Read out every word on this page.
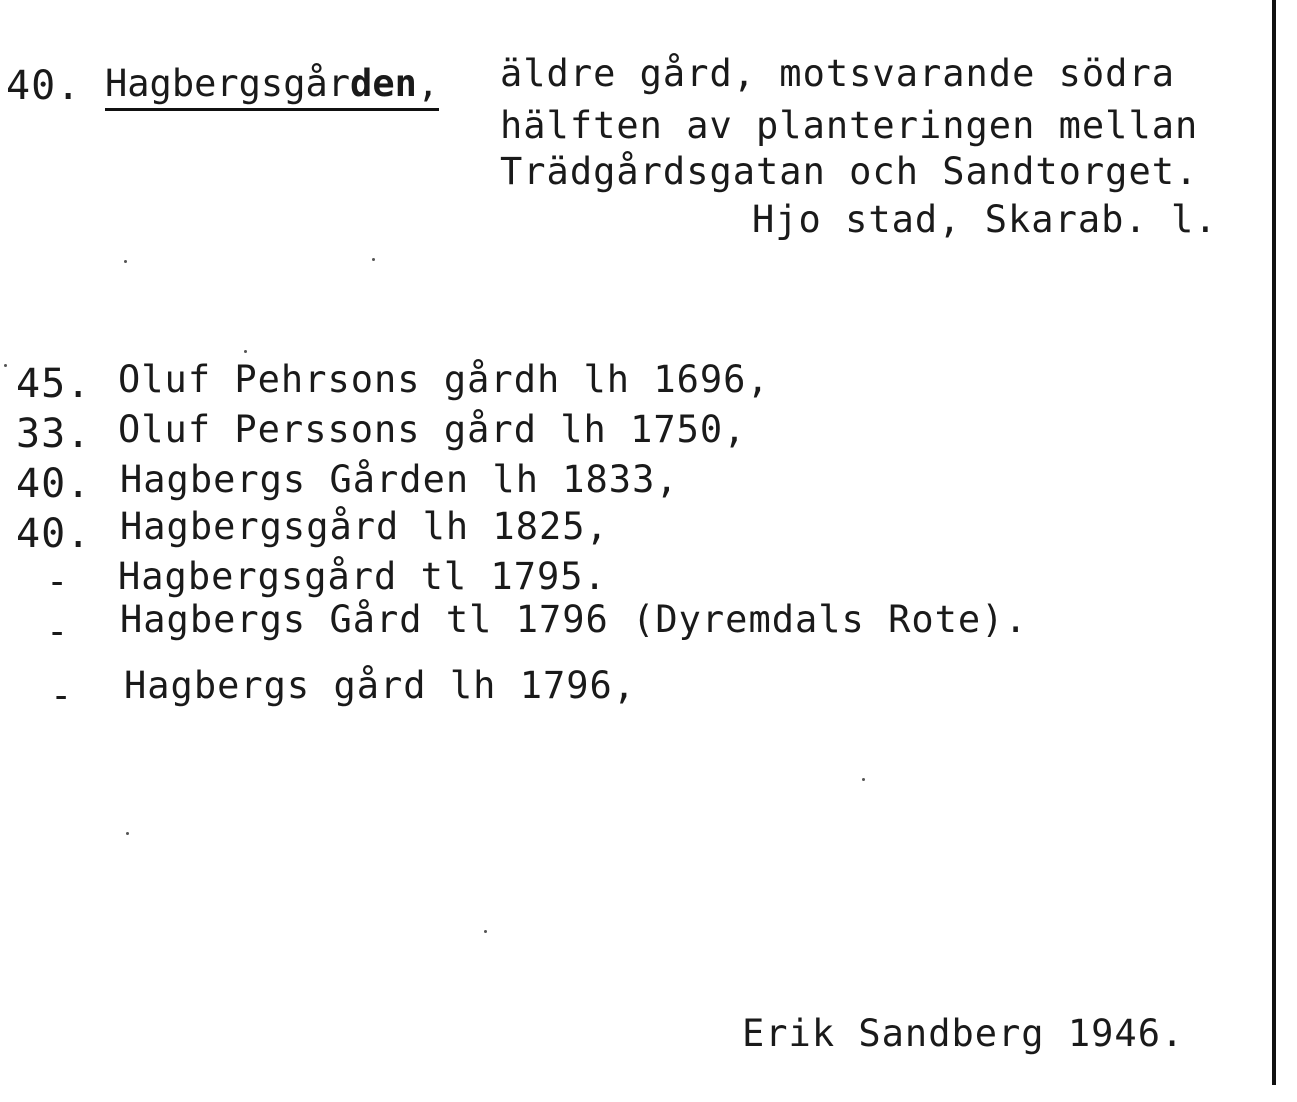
40. Hagbergsgården, äldre gård, motsvarande södra
hälften av planteringen mellan
Trädgårdsgatan och Sandtorget.
Hjo stad, Skarab. l.
45. Oluf Pehrsons gårdh lh 1696,
33. Oluf Perssons gård lh 1750,
40. Hagbergs Gården lh 1833,
40. Hagbergsgård lh 1825,
- Hagbergsgård tl 1795.
- Hagbergs Gård tl 1796 (Dyremdals Rote).
- Hagbergs gård lh 1796,
Erik Sandberg 1946.
